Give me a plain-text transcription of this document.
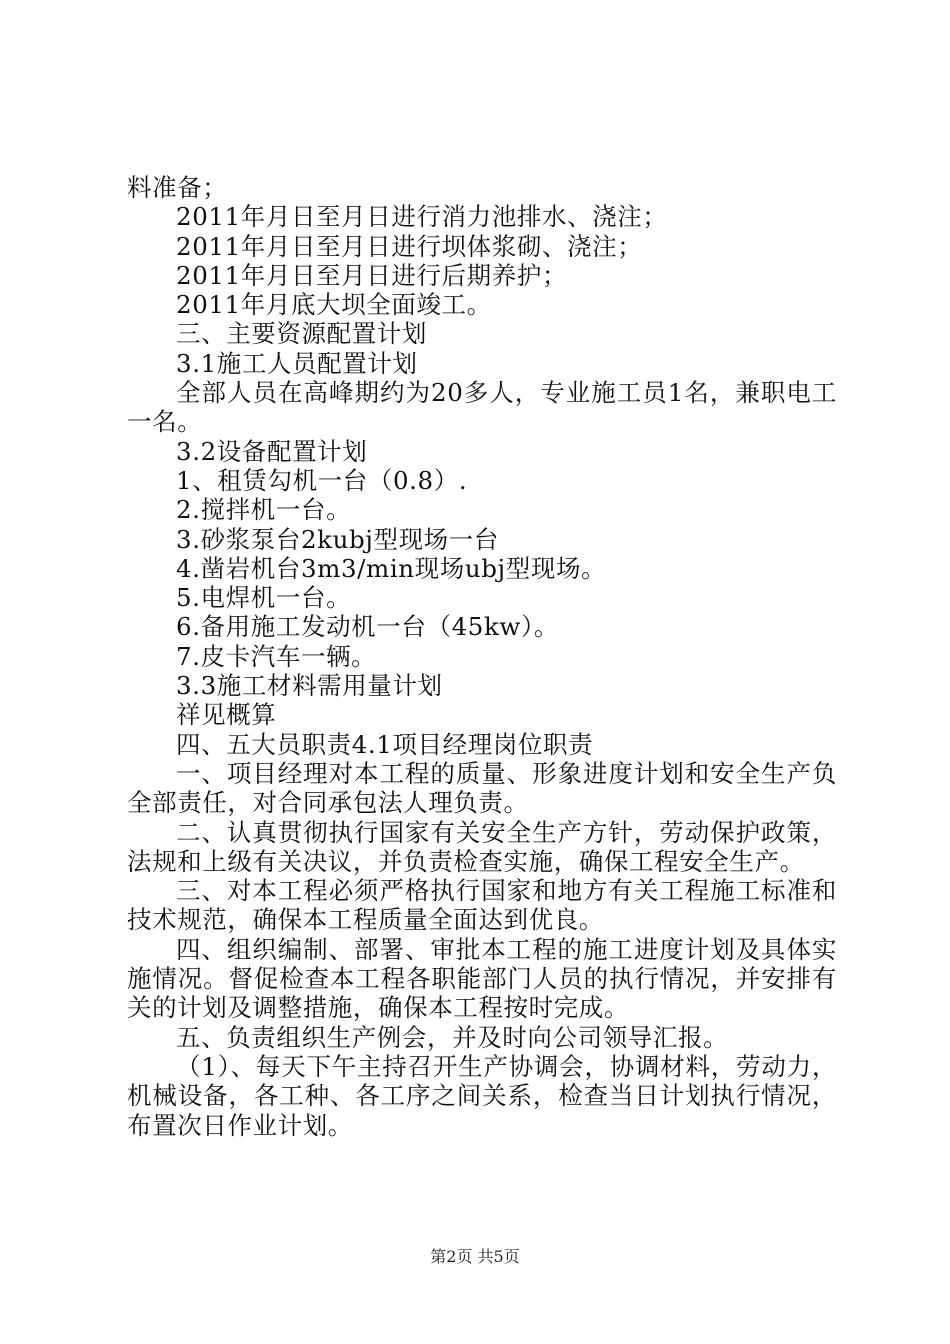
料准备；

2011年月日至月日进行消力池排水、浇注；

2011年月日至月日进行坝体浆砌、浇注；

2011年月日至月日进行后期养护；

2011年月底大坝全面竣工。

三、主要资源配置计划

3.1施工人员配置计划

全部人员在高峰期约为20多人，专业施工员1名，兼职电工一名。

3.2设备配置计划

1、租赁勾机一台（0.8）.

2.搅拌机一台。

3.砂浆泵台2kubj型现场一台

4.凿岩机台3m3/min现场ubj型现场。

5.电焊机一台。

6.备用施工发动机一台（45kw）。

7.皮卡汽车一辆。

3.3施工材料需用量计划

祥见概算

四、五大员职责4.1项目经理岗位职责

一、项目经理对本工程的质量、形象进度计划和安全生产负全部责任，对合同承包法人理负责。

二、认真贯彻执行国家有关安全生产方针，劳动保护政策，法规和上级有关决议，并负责检查实施，确保工程安全生产。

三、对本工程必须严格执行国家和地方有关工程施工标准和技术规范，确保本工程质量全面达到优良。

四、组织编制、部署、审批本工程的施工进度计划及具体实施情况。督促检查本工程各职能部门人员的执行情况，并安排有关的计划及调整措施，确保本工程按时完成。

五、负责组织生产例会，并及时向公司领导汇报。

（1）、每天下午主持召开生产协调会，协调材料，劳动力，机械设备，各工种、各工序之间关系，检查当日计划执行情况，布置次日作业计划。

第2页 共5页
